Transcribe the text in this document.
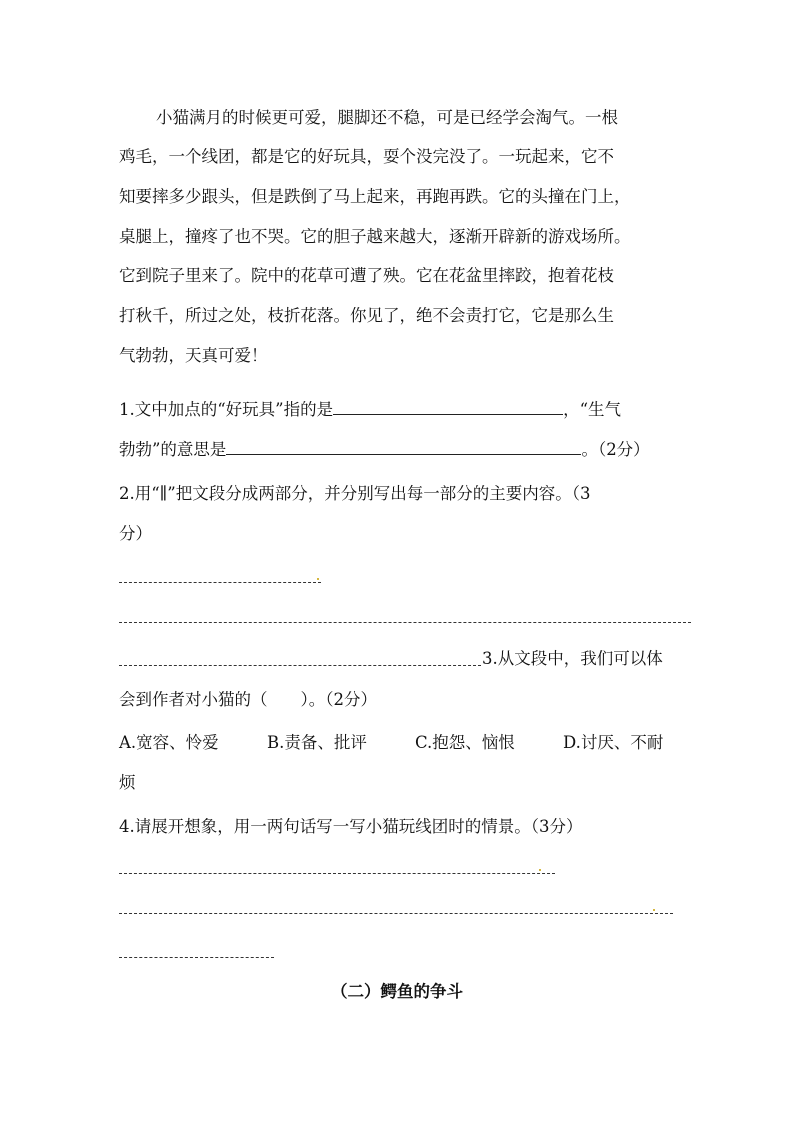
小猫满月的时候更可爱，腿脚还不稳，可是已经学会淘气。一根
鸡毛，一个线团，都是它的好玩具，耍个没完没了。一玩起来，它不
知要摔多少跟头，但是跌倒了马上起来，再跑再跌。它的头撞在门上，
桌腿上，撞疼了也不哭。它的胆子越来越大，逐渐开辟新的游戏场所。
它到院子里来了。院中的花草可遭了殃。它在花盆里摔跤，抱着花枝
打秋千，所过之处，枝折花落。你见了，绝不会责打它，它是那么生
气勃勃，天真可爱！
1.文中加点的“好玩具”指的是	，“生气
勃勃”的意思是	。（2分）
2.用“∥”把文段分成两部分，并分别写出每一部分的主要内容。（3
分）
3.从文段中，我们可以体
会到作者对小猫的（　　）。（2分）
A.宽容、怜爱	B.责备、批评	C.抱怨、恼恨	D.讨厌、不耐
烦
4.请展开想象，用一两句话写一写小猫玩线团时的情景。（3分）
（二）鳄鱼的争斗
